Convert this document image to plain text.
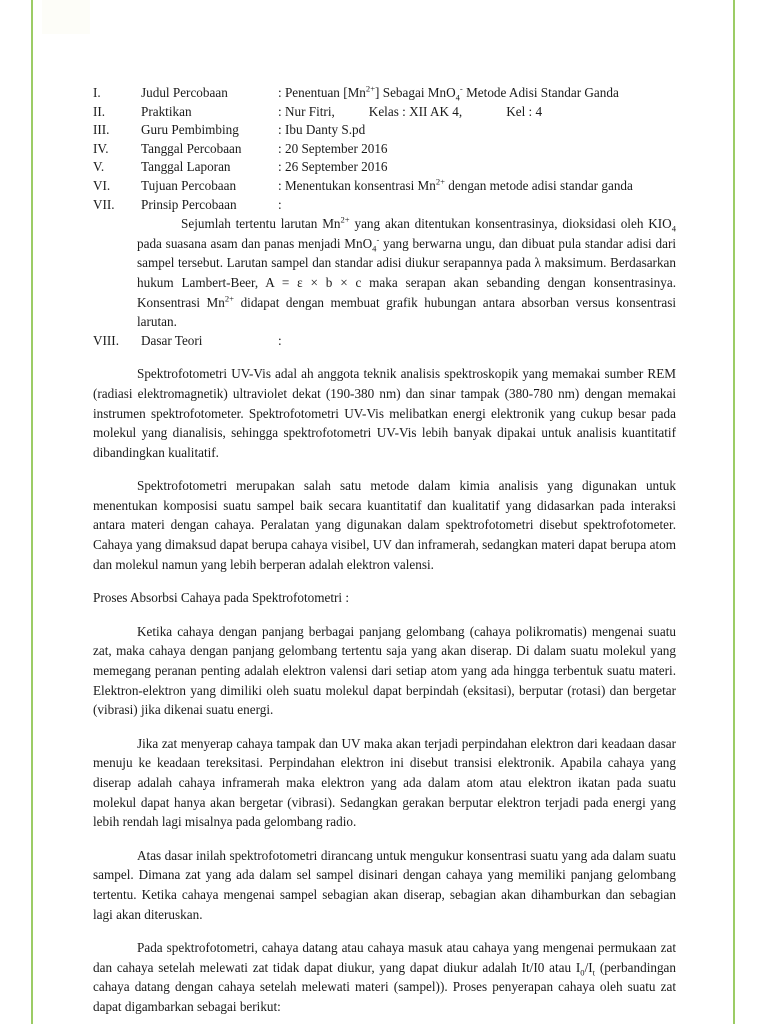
I.	Judul Percobaan	: Penentuan $[Mn^{2+}]$ Sebagai MnO$_4$- Metode Adisi Standar Ganda
II.	Praktikan	: Nur Fitri,	Kelas : XII AK 4,	Kel : 4
III.	Guru Pembimbing	: Ibu Danty S.pd
IV.	Tanggal Percobaan	: 20 September 2016
V.	Tanggal Laporan	: 26 September 2016
VI.	Tujuan Percobaan	: Menentukan konsentrasi $Mn^{2+}$ dengan metode adisi standar ganda
VII.	Prinsip Percobaan	:

Sejumlah tertentu larutan $Mn^{2+}$ yang akan ditentukan konsentrasinya, dioksidasi oleh $KIO_4$ pada suasana asam dan panas menjadi MnO$_4$- yang berwarna ungu, dan dibuat pula standar adisi dari sampel tersebut. Larutan sampel dan standar adisi diukur serapannya pada λ maksimum. Berdasarkan hukum Lambert-Beer, A = ε × b × c maka serapan akan sebanding dengan konsentrasinya. Konsentrasi $Mn^{2+}$ didapat dengan membuat grafik hubungan antara absorban versus konsentrasi larutan.

VIII.	Dasar Teori	:

Spektrofotometri UV-Vis adal ah anggota teknik analisis spektroskopik yang memakai sumber REM (radiasi elektromagnetik) ultraviolet dekat (190-380 nm) dan sinar tampak (380-780 nm) dengan memakai instrumen spektrofotometer. Spektrofotometri UV-Vis melibatkan energi elektronik yang cukup besar pada molekul yang dianalisis, sehingga spektrofotometri UV-Vis lebih banyak dipakai untuk analisis kuantitatif dibandingkan kualitatif.

Spektrofotometri merupakan salah satu metode dalam kimia analisis yang digunakan untuk menentukan komposisi suatu sampel baik secara kuantitatif dan kualitatif yang didasarkan pada interaksi antara materi dengan cahaya. Peralatan yang digunakan dalam spektrofotometri disebut spektrofotometer. Cahaya yang dimaksud dapat berupa cahaya visibel, UV dan inframerah, sedangkan materi dapat berupa atom dan molekul namun yang lebih berperan adalah elektron valensi.

Proses Absorbsi Cahaya pada Spektrofotometri :

Ketika cahaya dengan panjang berbagai panjang gelombang (cahaya polikromatis) mengenai suatu zat, maka cahaya dengan panjang gelombang tertentu saja yang akan diserap. Di dalam suatu molekul yang memegang peranan penting adalah elektron valensi dari setiap atom yang ada hingga terbentuk suatu materi. Elektron-elektron yang dimiliki oleh suatu molekul dapat berpindah (eksitasi), berputar (rotasi) dan bergetar (vibrasi) jika dikenai suatu energi.

Jika zat menyerap cahaya tampak dan UV maka akan terjadi perpindahan elektron dari keadaan dasar menuju ke keadaan tereksitasi. Perpindahan elektron ini disebut transisi elektronik. Apabila cahaya yang diserap adalah cahaya inframerah maka elektron yang ada dalam atom atau elektron ikatan pada suatu molekul dapat hanya akan bergetar (vibrasi). Sedangkan gerakan berputar elektron terjadi pada energi yang lebih rendah lagi misalnya pada gelombang radio.

Atas dasar inilah spektrofotometri dirancang untuk mengukur konsentrasi suatu yang ada dalam suatu sampel. Dimana zat yang ada dalam sel sampel disinari dengan cahaya yang memiliki panjang gelombang tertentu. Ketika cahaya mengenai sampel sebagian akan diserap, sebagian akan dihamburkan dan sebagian lagi akan diteruskan.

Pada spektrofotometri, cahaya datang atau cahaya masuk atau cahaya yang mengenai permukaan zat dan cahaya setelah melewati zat tidak dapat diukur, yang dapat diukur adalah It/I0 atau $I_0/I_t$ (perbandingan cahaya datang dengan cahaya setelah melewati materi (sampel)). Proses penyerapan cahaya oleh suatu zat dapat digambarkan sebagai berikut:
